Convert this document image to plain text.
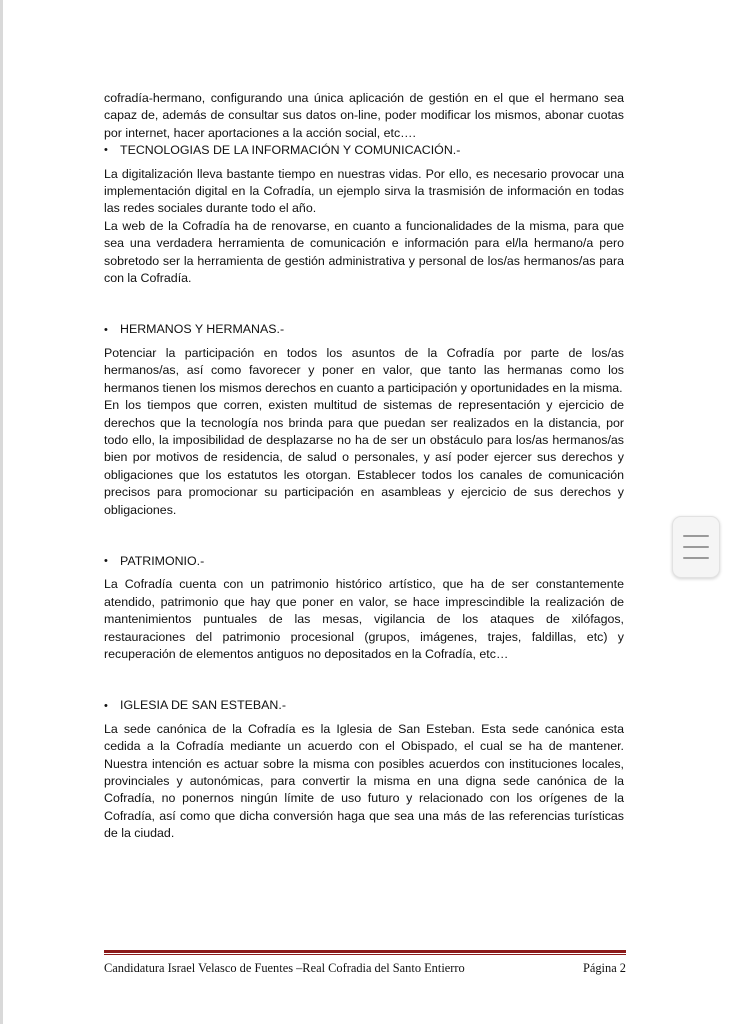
cofradía-hermano, configurando una única aplicación de gestión en el que el hermano sea capaz de, además de consultar sus datos on-line, poder modificar los mismos, abonar cuotas por internet, hacer aportaciones a la acción social, etc….

• TECNOLOGIAS DE LA INFORMACIÓN Y COMUNICACIÓN.-

La digitalización lleva bastante tiempo en nuestras vidas. Por ello, es necesario provocar una implementación digital en la Cofradía, un ejemplo sirva la trasmisión de información en todas las redes sociales durante todo el año.

La web de la Cofradía ha de renovarse, en cuanto a funcionalidades de la misma, para que sea una verdadera herramienta de comunicación e información para el/la hermano/a pero sobretodo ser la herramienta de gestión administrativa y personal de los/as hermanos/as para con la Cofradía.

• HERMANOS Y HERMANAS.-

Potenciar la participación en todos los asuntos de la Cofradía por parte de los/as hermanos/as, así como favorecer y poner en valor, que tanto las hermanas como los hermanos tienen los mismos derechos en cuanto a participación y oportunidades en la misma.

En los tiempos que corren, existen multitud de sistemas de representación y ejercicio de derechos que la tecnología nos brinda para que puedan ser realizados en la distancia, por todo ello, la imposibilidad de desplazarse no ha de ser un obstáculo para los/as hermanos/as bien por motivos de residencia, de salud o personales, y así poder ejercer sus derechos y obligaciones que los estatutos les otorgan. Establecer todos los canales de comunicación precisos para promocionar su participación en asambleas y ejercicio de sus derechos y obligaciones.

• PATRIMONIO.-

La Cofradía cuenta con un patrimonio histórico artístico, que ha de ser constantemente atendido, patrimonio que hay que poner en valor, se hace imprescindible la realización de mantenimientos puntuales de las mesas, vigilancia de los ataques de xilófagos, restauraciones del patrimonio procesional (grupos, imágenes, trajes, faldillas, etc) y recuperación de elementos antiguos no depositados en la Cofradía, etc…

• IGLESIA DE SAN ESTEBAN.-

La sede canónica de la Cofradía es la Iglesia de San Esteban. Esta sede canónica esta cedida a la Cofradía mediante un acuerdo con el Obispado, el cual se ha de mantener. Nuestra intención es actuar sobre la misma con posibles acuerdos con instituciones locales, provinciales y autonómicas, para convertir la misma en una digna sede canónica de la Cofradía, no ponernos ningún límite de uso futuro y relacionado con los orígenes de la Cofradía, así como que dicha conversión haga que sea una más de las referencias turísticas de la ciudad.

Candidatura Israel Velasco de Fuentes –Real Cofradia del Santo Entierro	Página 2
